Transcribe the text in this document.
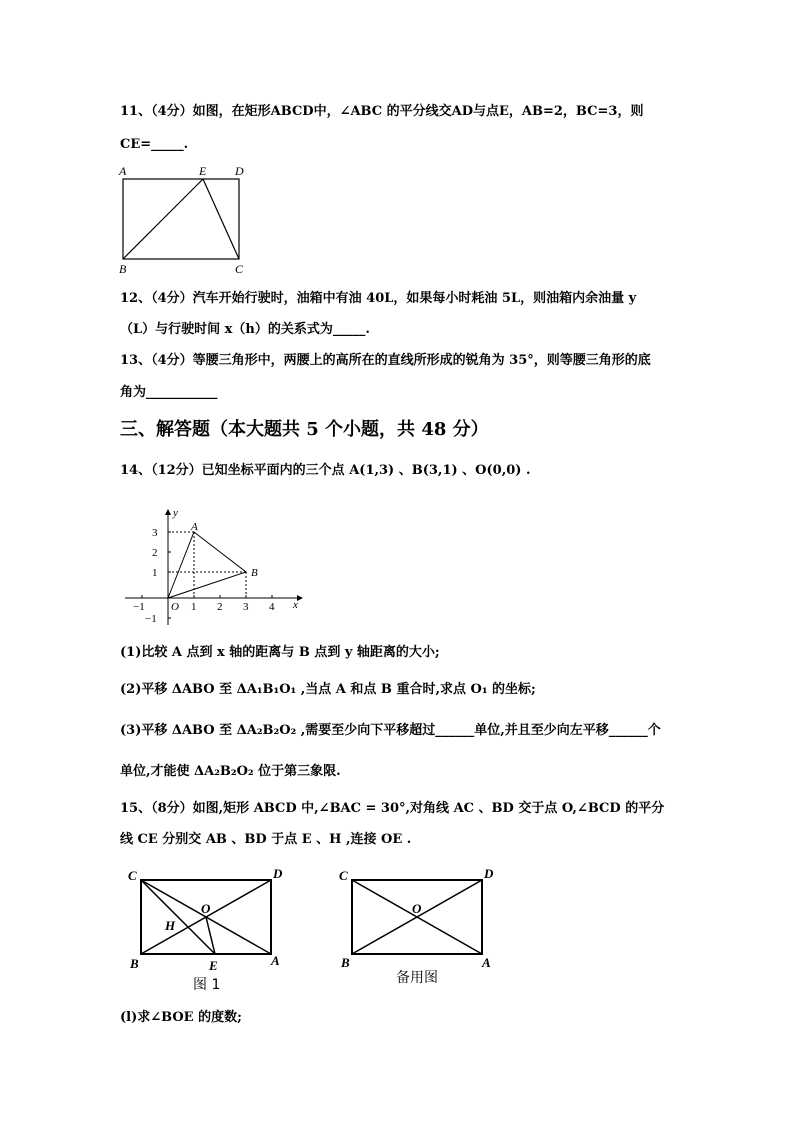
11、（4分）如图，在矩形ABCD中，∠ABC 的平分线交AD与点E，AB=2，BC=3，则

CE=_____.

A	E D
B	C

12、（4分）汽车开始行驶时，油箱中有油 40L，如果每小时耗油 5L，则油箱内余油量 y

（L）与行驶时间 x（h）的关系式为_____.

13、（4分）等腰三角形中，两腰上的高所在的直线所形成的锐角为 35°，则等腰三角形的底

角为___________

三、解答题（本大题共 5 个小题，共 48 分）

14、（12分）已知坐标平面内的三个点 A(1,3) 、B(3,1) 、O(0,0) .

x
y
O
A
B
−1	1 2 3 4
3
2
1
−1

(1)比较 A 点到 x 轴的距离与 B 点到 y 轴距离的大小;

(2)平移 ΔABO 至 ΔA₁B₁O₁ ,当点 A 和点 B 重合时,求点 O₁ 的坐标;

(3)平移 ΔABO 至 ΔA₂B₂O₂ ,需要至少向下平移超过______单位,并且至少向左平移______个

单位,才能使 ΔA₂B₂O₂ 位于第三象限.

15、（8分）如图,矩形 ABCD 中,∠BAC = 30°,对角线 AC 、BD 交于点 O,∠BCD 的平分

线 CE 分别交 AB 、BD 于点 E 、H ,连接 OE .

C	D
O
H
B	E	A
图 1
C	D
O
B	A
备用图

(l)求∠BOE 的度数;
